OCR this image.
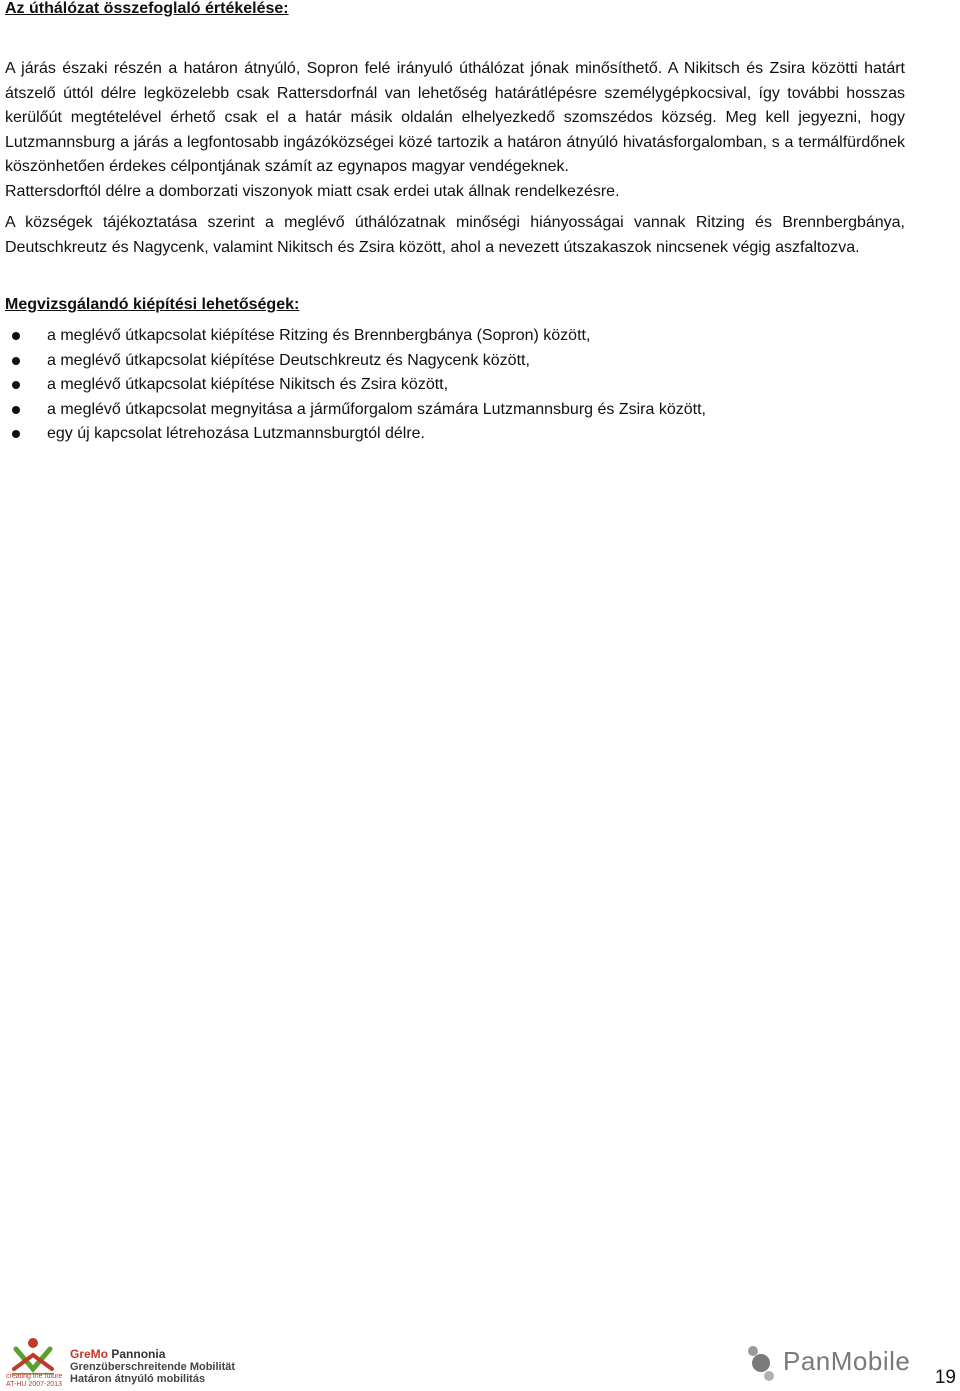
Az úthálózat összefoglaló értékelése:

A járás északi részén a határon átnyúló, Sopron felé irányuló úthálózat jónak minősíthető. A Nikitsch és Zsira közötti határt átszelő úttól délre legközelebb csak Rattersdorfnál van lehetőség határátlépésre személygépkocsival, így további hosszas kerülőút megtételével érhető csak el a határ másik oldalán elhelyezkedő szomszédos község. Meg kell jegyezni, hogy Lutzmannsburg a járás a legfontosabb ingázóközségei közé tartozik a határon átnyúló hivatásforgalomban, s a termálfürdőnek köszönhetően érdekes célpontjának számít az egynapos magyar vendégeknek.

Rattersdorftól délre a domborzati viszonyok miatt csak erdei utak állnak rendelkezésre.

A községek tájékoztatása szerint a meglévő úthálózatnak minőségi hiányosságai vannak Ritzing és Brennbergbánya, Deutschkreutz és Nagycenk, valamint Nikitsch és Zsira között, ahol a nevezett útszakaszok nincsenek végig aszfaltozva.

Megvizsgálandó kiépítési lehetőségek:
a meglévő útkapcsolat kiépítése Ritzing és Brennbergbánya (Sopron) között,
a meglévő útkapcsolat kiépítése Deutschkreutz és Nagycenk között,
a meglévő útkapcsolat kiépítése Nikitsch és Zsira között,
a meglévő útkapcsolat megnyitása a járműforgalom számára Lutzmannsburg és Zsira között,
egy új kapcsolat létrehozása Lutzmannsburgtól délre.
creating the future
AT-HU 2007-2013
GreMo Pannonia
Grenzüberschreitende Mobilität
Határon átnyúló mobilitás
PanMobile
19
